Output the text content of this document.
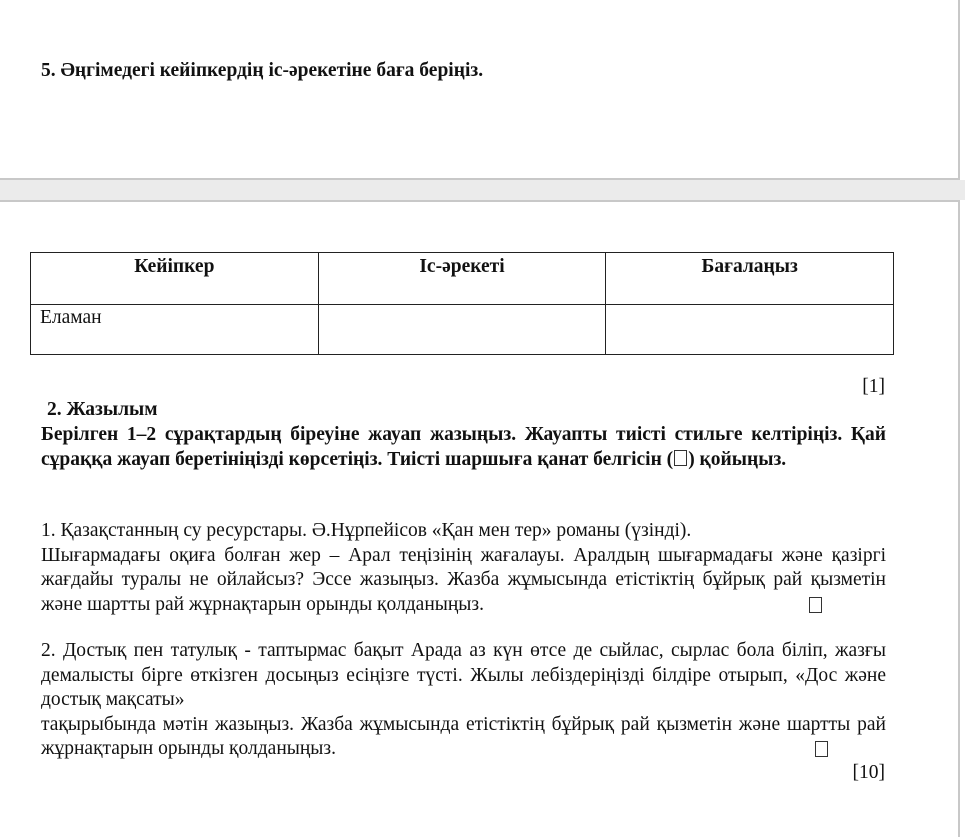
5. Әңгімедегі кейіпкердің іс-әрекетіне баға беріңіз.
Кейіпкер	Іс-әрекеті	Бағалаңыз
Еламан		
[1]
2. Жазылым
Берілген 1–2 сұрақтардың біреуіне жауап жазыңыз. Жауапты тиісті стильге келтіріңіз. Қай сұраққа жауап беретініңізді көрсетіңіз. Тиісті шаршыға қанат белгісін ( ) қойыңыз.
1. Қазақстанның су ресурстары. Ә.Нұрпейісов «Қан мен тер» романы (үзінді).
Шығармадағы оқиға болған жер – Арал теңізінің жағалауы. Аралдың шығармадағы және қазіргі жағдайы туралы не ойлайсыз? Эссе жазыңыз. Жазба жұмысында етістіктің бұйрық рай қызметін және шартты рай жұрнақтарын орынды қолданыңыз.
2. Достық пен татулық - таптырмас бақыт Арада аз күн өтсе де сыйлас, сырлас бола біліп, жазғы демалысты бірге өткізген досыңыз есіңізге түсті. Жылы лебіздеріңізді білдіре отырып, «Дос және достық мақсаты»
тақырыбында мәтін жазыңыз. Жазба жұмысында етістіктің бұйрық рай қызметін және шартты рай жұрнақтарын орынды қолданыңыз.
[10]
